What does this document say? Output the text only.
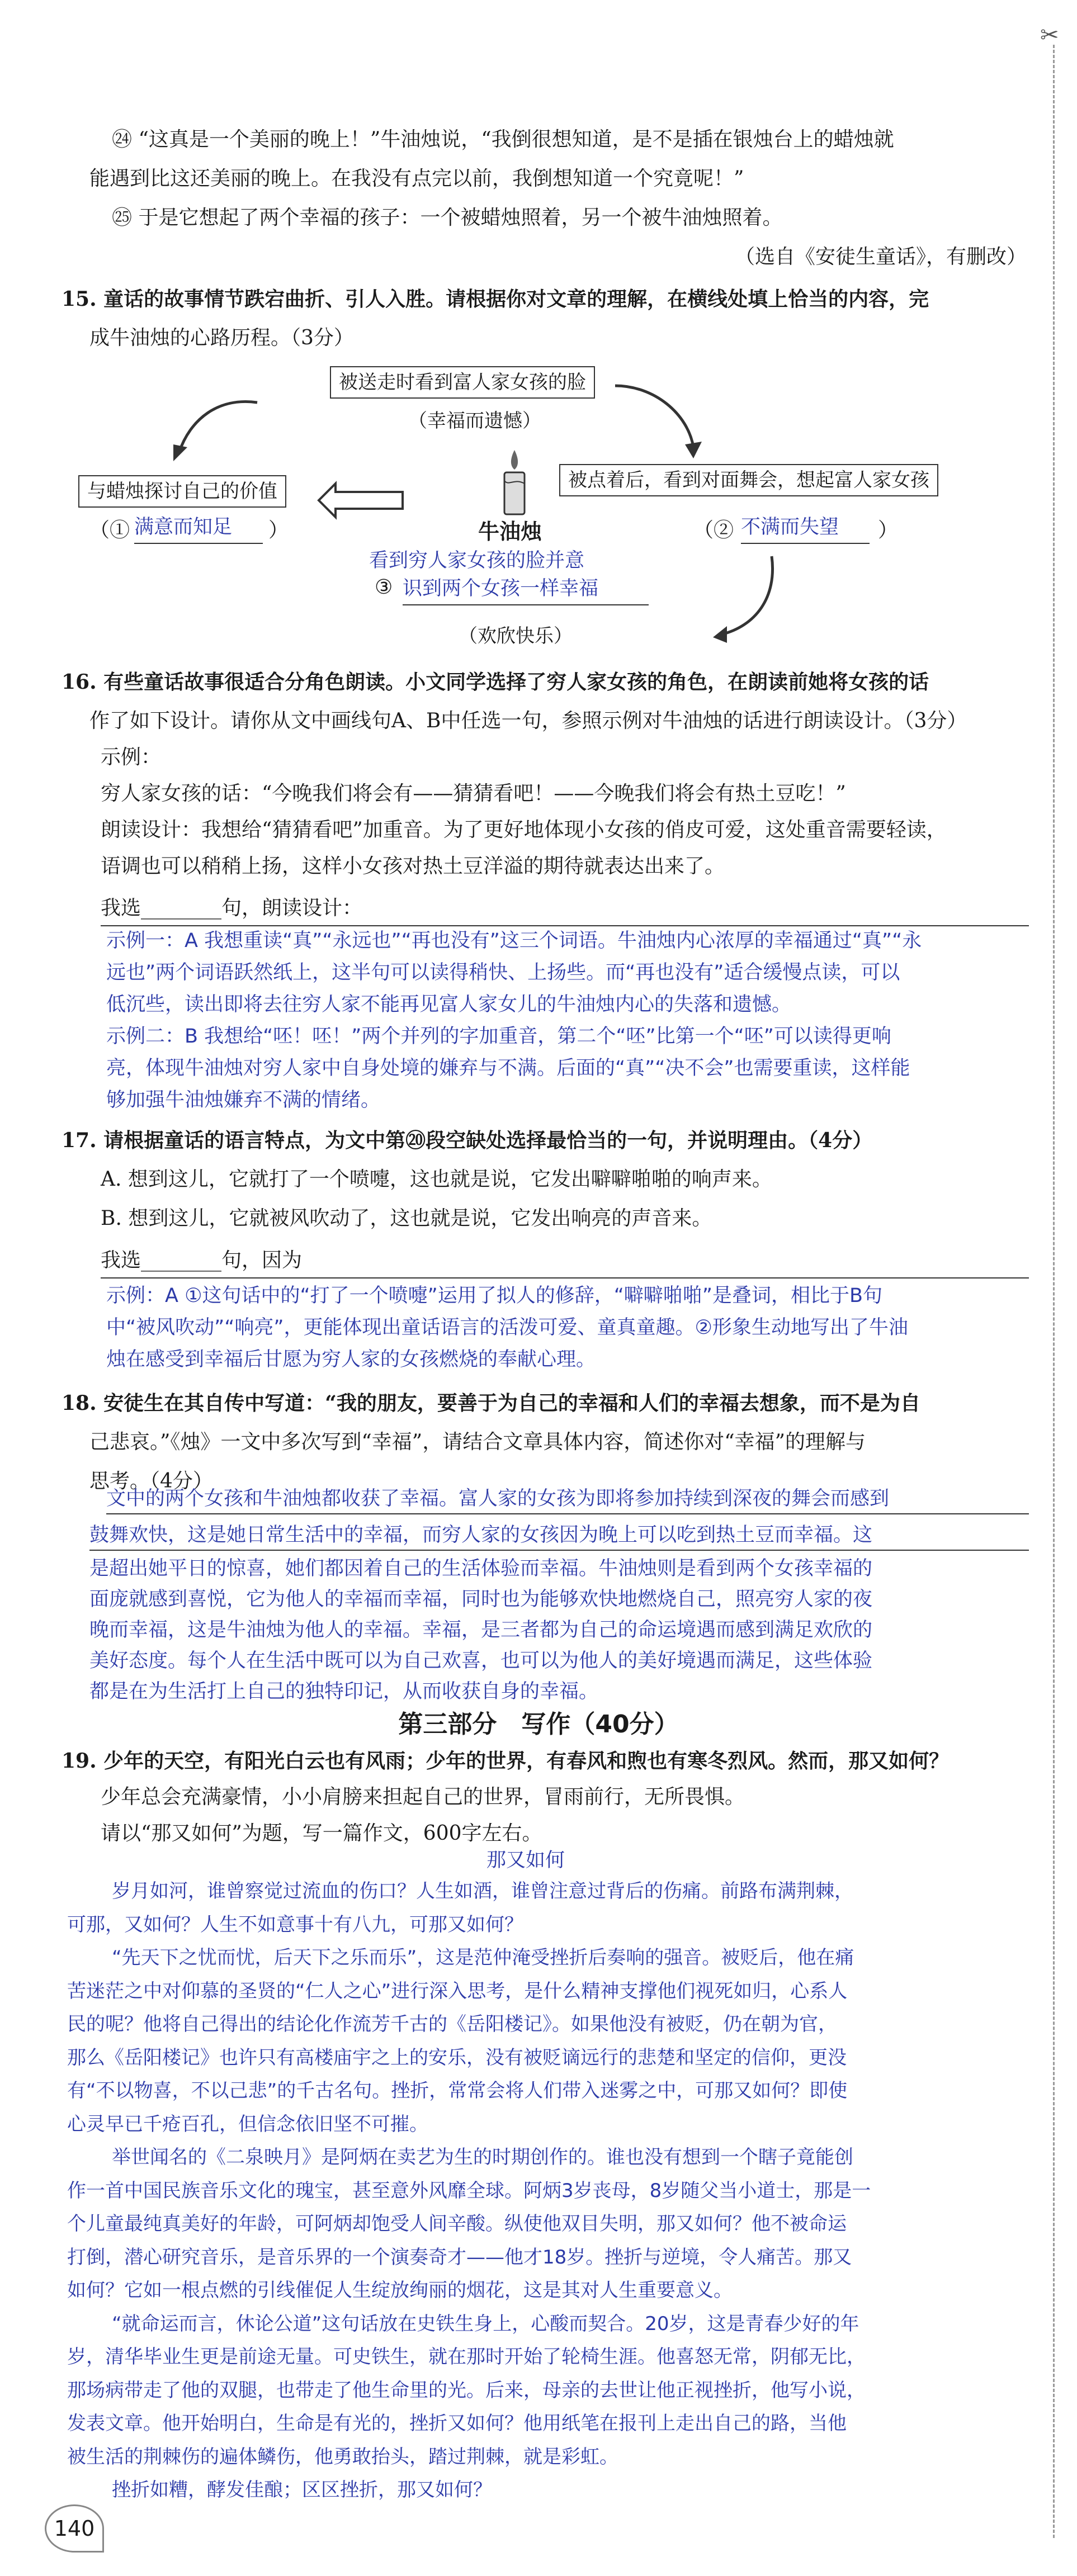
✂
㉔ “这真是一个美丽的晚上！”牛油烛说，“我倒很想知道，是不是插在银烛台上的蜡烛就
能遇到比这还美丽的晚上。在我没有点完以前，我倒想知道一个究竟呢！”
㉕ 于是它想起了两个幸福的孩子：一个被蜡烛照着，另一个被牛油烛照着。
（选自《安徒生童话》，有删改）
15. 童话的故事情节跌宕曲折、引人入胜。请根据你对文章的理解，在横线处填上恰当的内容，完
成牛油烛的心路历程。（3分）
被送走时看到富人家女孩的脸
（幸福而遗憾）
被点着后，看到对面舞会，想起富人家女孩
与蜡烛探讨自己的价值
牛油烛
（① 满意而知足	）	（② 不满而失望	）
看到穷人家女孩的脸并意
③ 识到两个女孩一样幸福
（欢欣快乐）
16. 有些童话故事很适合分角色朗读。小文同学选择了穷人家女孩的角色，在朗读前她将女孩的话
作了如下设计。请你从文中画线句A、B中任选一句，参照示例对牛油烛的话进行朗读设计。（3分）
示例：
穷人家女孩的话：“今晚我们将会有——猜猜看吧！——今晚我们将会有热土豆吃！”
朗读设计：我想给“猜猜看吧”加重音。为了更好地体现小女孩的俏皮可爱，这处重音需要轻读，
语调也可以稍稍上扬，这样小女孩对热土豆洋溢的期待就表达出来了。
我选________句，朗读设计：
示例一：A 我想重读“真”“永远也”“再也没有”这三个词语。牛油烛内心浓厚的幸福通过“真”“永
远也”两个词语跃然纸上，这半句可以读得稍快、上扬些。而“再也没有”适合缓慢点读，可以
低沉些，读出即将去往穷人家不能再见富人家女儿的牛油烛内心的失落和遗憾。
示例二：B 我想给“呸！呸！”两个并列的字加重音，第二个“呸”比第一个“呸”可以读得更响
亮，体现牛油烛对穷人家中自身处境的嫌弃与不满。后面的“真”“决不会”也需要重读，这样能
够加强牛油烛嫌弃不满的情绪。
17. 请根据童话的语言特点，为文中第⑳段空缺处选择最恰当的一句，并说明理由。（4分）
A. 想到这儿，它就打了一个喷嚏，这也就是说，它发出噼噼啪啪的响声来。
B. 想到这儿，它就被风吹动了，这也就是说，它发出响亮的声音来。
我选________句，因为
示例：A ①这句话中的“打了一个喷嚏”运用了拟人的修辞，“噼噼啪啪”是叠词，相比于B句
中“被风吹动”“响亮”，更能体现出童话语言的活泼可爱、童真童趣。②形象生动地写出了牛油
烛在感受到幸福后甘愿为穷人家的女孩燃烧的奉献心理。
18. 安徒生在其自传中写道：“我的朋友，要善于为自己的幸福和人们的幸福去想象，而不是为自
己悲哀。”《烛》一文中多次写到“幸福”，请结合文章具体内容，简述你对“幸福”的理解与
思考。（4分）
文中的两个女孩和牛油烛都收获了幸福。富人家的女孩为即将参加持续到深夜的舞会而感到
鼓舞欢快，这是她日常生活中的幸福，而穷人家的女孩因为晚上可以吃到热土豆而幸福。这
是超出她平日的惊喜，她们都因着自己的生活体验而幸福。牛油烛则是看到两个女孩幸福的
面庞就感到喜悦，它为他人的幸福而幸福，同时也为能够欢快地燃烧自己，照亮穷人家的夜
晚而幸福，这是牛油烛为他人的幸福。幸福，是三者都为自己的命运境遇而感到满足欢欣的
美好态度。每个人在生活中既可以为自己欢喜，也可以为他人的美好境遇而满足，这些体验
都是在为生活打上自己的独特印记，从而收获自身的幸福。
第三部分　写作（40分）
19. 少年的天空，有阳光白云也有风雨；少年的世界，有春风和煦也有寒冬烈风。然而，那又如何？
少年总会充满豪情，小小肩膀来担起自己的世界，冒雨前行，无所畏惧。
请以“那又如何”为题，写一篇作文，600字左右。
那又如何
岁月如河，谁曾察觉过流血的伤口？人生如酒，谁曾注意过背后的伤痛。前路布满荆棘，
可那，又如何？人生不如意事十有八九，可那又如何？
“先天下之忧而忧，后天下之乐而乐”，这是范仲淹受挫折后奏响的强音。被贬后，他在痛
苦迷茫之中对仰慕的圣贤的“仁人之心”进行深入思考，是什么精神支撑他们视死如归，心系人
民的呢？他将自己得出的结论化作流芳千古的《岳阳楼记》。如果他没有被贬，仍在朝为官，
那么《岳阳楼记》也许只有高楼庙宇之上的安乐，没有被贬谪远行的悲楚和坚定的信仰，更没
有“不以物喜，不以己悲”的千古名句。挫折，常常会将人们带入迷雾之中，可那又如何？即使
心灵早已千疮百孔，但信念依旧坚不可摧。
举世闻名的《二泉映月》是阿炳在卖艺为生的时期创作的。谁也没有想到一个瞎子竟能创
作一首中国民族音乐文化的瑰宝，甚至意外风靡全球。阿炳3岁丧母，8岁随父当小道士，那是一
个儿童最纯真美好的年龄，可阿炳却饱受人间辛酸。纵使他双目失明，那又如何？他不被命运
打倒，潜心研究音乐，是音乐界的一个演奏奇才——他才18岁。挫折与逆境，令人痛苦。那又
如何？它如一根点燃的引线催促人生绽放绚丽的烟花，这是其对人生重要意义。
“就命运而言，休论公道”这句话放在史铁生身上，心酸而契合。20岁，这是青春少好的年
岁，清华毕业生更是前途无量。可史铁生，就在那时开始了轮椅生涯。他喜怒无常，阴郁无比，
那场病带走了他的双腿，也带走了他生命里的光。后来，母亲的去世让他正视挫折，他写小说，
发表文章。他开始明白，生命是有光的，挫折又如何？他用纸笔在报刊上走出自己的路，当他
被生活的荆棘伤的遍体鳞伤，他勇敢抬头，踏过荆棘，就是彩虹。
挫折如糟，酵发佳酿；区区挫折，那又如何？
140
